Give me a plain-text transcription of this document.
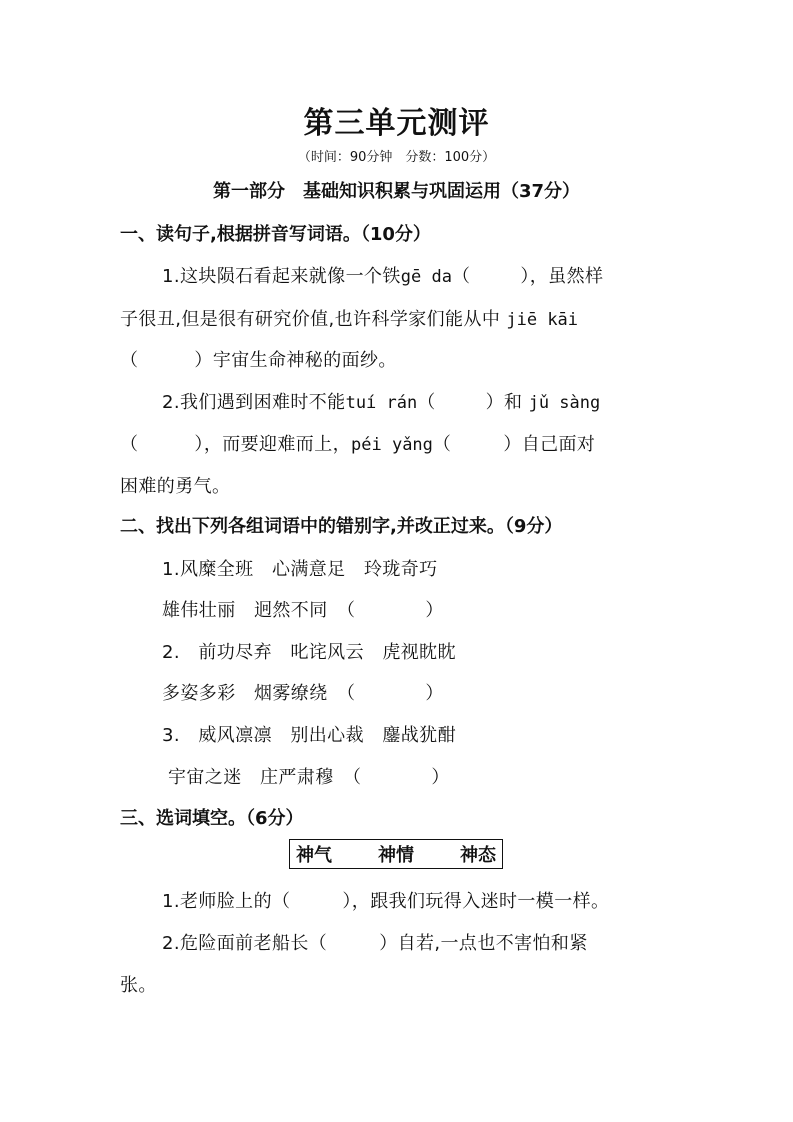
第三单元测评
（时间：90分钟　分数：100分）
第一部分　基础知识积累与巩固运用（37分）
一、读句子,根据拼音写词语。（10分）
1.这块陨石看起来就像一个铁gē da（	），虽然样
子很丑,但是很有研究价值,也许科学家们能从中 jiē kāi
（	）宇宙生命神秘的面纱。
2.我们遇到困难时不能tuí rán（	）和 jǔ sàng
（	），而要迎难而上，péi yǎng（	）自己面对
困难的勇气。
二、找出下列各组词语中的错别字,并改正过来。（9分）
1.风糜全班　心满意足　玲珑奇巧
雄伟壮丽　迥然不同　 （	）
2.　前功尽弃　叱诧风云　虎视眈眈
多姿多彩　烟雾缭绕　 （	）
3.　威风凛凛　别出心裁　鏖战犹酣
宇宙之迷　庄严肃穆　 （	）
三、选词填空。（6分）
神气	神情	神态
1.老师脸上的（	），跟我们玩得入迷时一模一样。
2.危险面前老船长（	）自若,一点也不害怕和紧
张。
